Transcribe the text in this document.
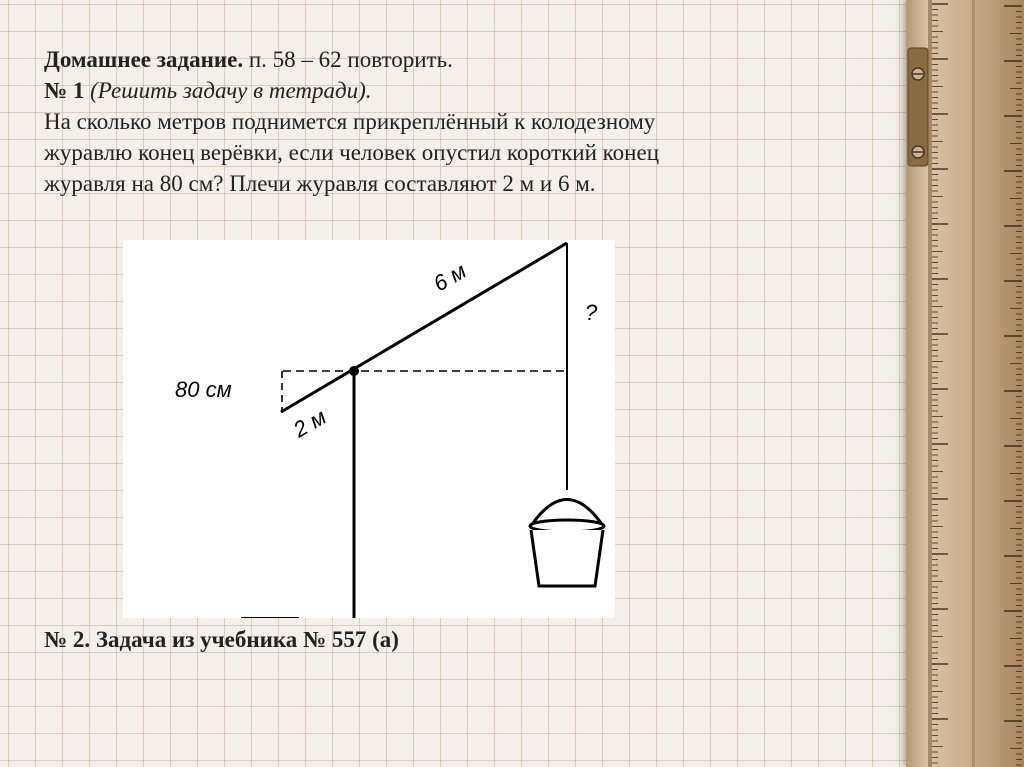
Домашнее задание. п. 58 – 62 повторить.

№ 1 (Решить задачу в тетради).

На сколько метров поднимется прикреплённый к колодезному

журавлю конец верёвки, если человек опустил короткий конец

журавля на 80 см? Плечи журавля составляют 2 м и 6 м.

6 м
2 м
80 см
?
№ 2. Задача из учебника № 557 (а)
